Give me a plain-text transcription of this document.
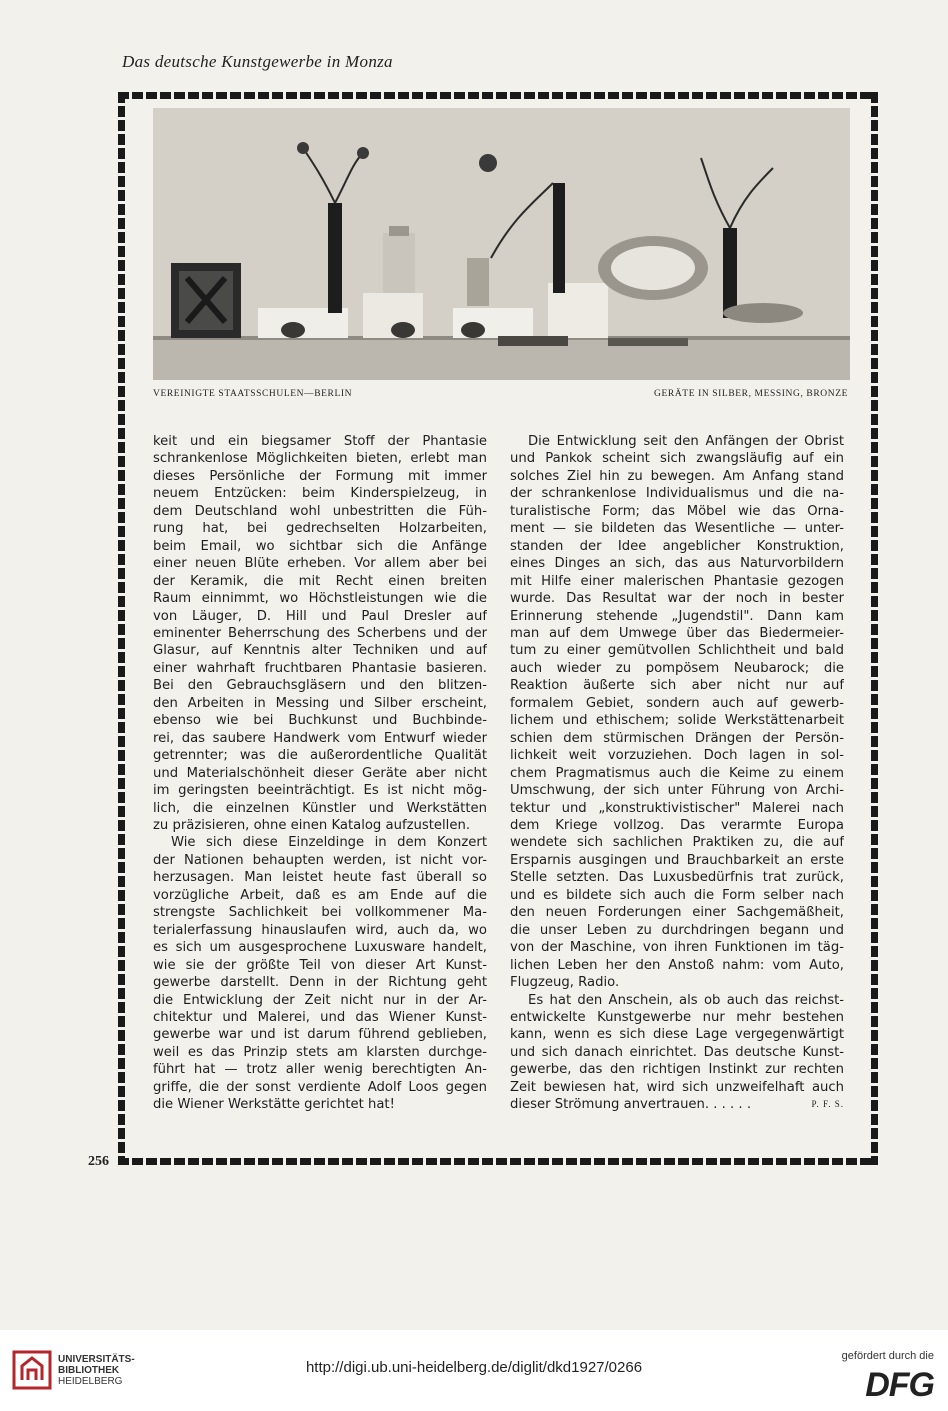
Das deutsche Kunstgewerbe in Monza
VEREINIGTE STAATSSCHULEN—BERLIN	GERÄTE IN SILBER, MESSING, BRONZE
keit und ein biegsamer Stoff der Phantasie
schrankenlose Möglichkeiten bieten, erlebt man
dieses Persönliche der Formung mit immer
neuem Entzücken: beim Kinderspielzeug, in
dem Deutschland wohl unbestritten die Füh-
rung hat, bei gedrechselten Holzarbeiten,
beim Email, wo sichtbar sich die Anfänge
einer neuen Blüte erheben. Vor allem aber bei
der Keramik, die mit Recht einen breiten
Raum einnimmt, wo Höchstleistungen wie die
von Läuger, D. Hill und Paul Dresler auf
eminenter Beherrschung des Scherbens und der
Glasur, auf Kenntnis alter Techniken und auf
einer wahrhaft fruchtbaren Phantasie basieren.
Bei den Gebrauchsgläsern und den blitzen-
den Arbeiten in Messing und Silber erscheint,
ebenso wie bei Buchkunst und Buchbinde-
rei, das saubere Handwerk vom Entwurf wieder
getrennter; was die außerordentliche Qualität
und Materialschönheit dieser Geräte aber nicht
im geringsten beeinträchtigt. Es ist nicht mög-
lich, die einzelnen Künstler und Werkstätten
zu präzisieren, ohne einen Katalog aufzustellen.
Wie sich diese Einzeldinge in dem Konzert
der Nationen behaupten werden, ist nicht vor-
herzusagen. Man leistet heute fast überall so
vorzügliche Arbeit, daß es am Ende auf die
strengste Sachlichkeit bei vollkommener Ma-
terialerfassung hinauslaufen wird, auch da, wo
es sich um ausgesprochene Luxusware handelt,
wie sie der größte Teil von dieser Art Kunst-
gewerbe darstellt. Denn in der Richtung geht
die Entwicklung der Zeit nicht nur in der Ar-
chitektur und Malerei, und das Wiener Kunst-
gewerbe war und ist darum führend geblieben,
weil es das Prinzip stets am klarsten durchge-
führt hat — trotz aller wenig berechtigten An-
griffe, die der sonst verdiente Adolf Loos gegen
die Wiener Werkstätte gerichtet hat!
Die Entwicklung seit den Anfängen der Obrist
und Pankok scheint sich zwangsläufig auf ein
solches Ziel hin zu bewegen. Am Anfang stand
der schrankenlose Individualismus und die na-
turalistische Form; das Möbel wie das Orna-
ment — sie bildeten das Wesentliche — unter-
standen der Idee angeblicher Konstruktion,
eines Dinges an sich, das aus Naturvorbildern
mit Hilfe einer malerischen Phantasie gezogen
wurde. Das Resultat war der noch in bester
Erinnerung stehende „Jugendstil". Dann kam
man auf dem Umwege über das Biedermeier-
tum zu einer gemütvollen Schlichtheit und bald
auch wieder zu pompösem Neubarock; die
Reaktion äußerte sich aber nicht nur auf
formalem Gebiet, sondern auch auf gewerb-
lichem und ethischem; solide Werkstättenarbeit
schien dem stürmischen Drängen der Persön-
lichkeit weit vorzuziehen. Doch lagen in sol-
chem Pragmatismus auch die Keime zu einem
Umschwung, der sich unter Führung von Archi-
tektur und „konstruktivistischer" Malerei nach
dem Kriege vollzog. Das verarmte Europa
wendete sich sachlichen Praktiken zu, die auf
Ersparnis ausgingen und Brauchbarkeit an erste
Stelle setzten. Das Luxusbedürfnis trat zurück,
und es bildete sich auch die Form selber nach
den neuen Forderungen einer Sachgemäßheit,
die unser Leben zu durchdringen begann und
von der Maschine, von ihren Funktionen im täg-
lichen Leben her den Anstoß nahm: vom Auto,
Flugzeug, Radio.
Es hat den Anschein, als ob auch das reichst-
entwickelte Kunstgewerbe nur mehr bestehen
kann, wenn es sich diese Lage vergegenwärtigt
und sich danach einrichtet. Das deutsche Kunst-
gewerbe, das den richtigen Instinkt zur rechten
Zeit bewiesen hat, wird sich unzweifelhaft auch
dieser Strömung anvertrauen. . . . . .	P. F. S.
256
UNIVERSITÄTS-
BIBLIOTHEK
HEIDELBERG
http://digi.ub.uni-heidelberg.de/diglit/dkd1927/0266
gefördert durch die
DFG
